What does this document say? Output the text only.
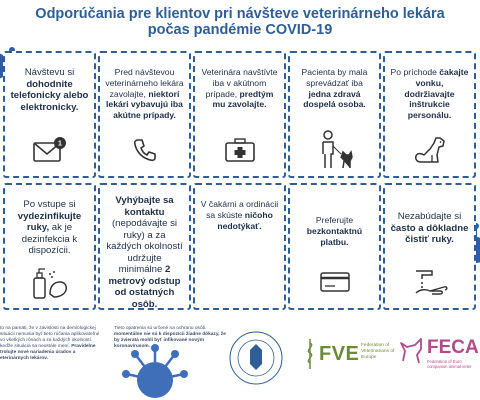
Odporúčania pre klientov pri návšteve veterinárneho lekára
počas pandémie COVID-19
Návštevu si dohodnite telefonicky alebo elektronicky.
1
Pred návštevou veterinárneho lekára zavolajte, niektorí lekári vybavujú iba akútne prípady.
Veterinára navštívte iba v akútnom prípade, predtým mu zavolajte.
Pacienta by mala sprevádzať iba jedna zdravá dospelá osoba.
Po príchode čakajte vonku, dodržiavajte inštrukcie personálu.
Po vstupe si vydezinfikujte ruky, ak je dezinfekcia k dispozícii.
Vyhýbajte sa kontaktu (nepodávajte si ruky) a za každých okolností udržujte minimálne 2 metrový odstup od ostatných osôb.
V čakárni a ordinácii sa skúste ničoho nedotýkať.
Preferujte bezkontaktnú platbu.
Nezabúdajte si často a dôkladne čistiť ruky.
to na pamäti, že v závislosti na demiologickej situácii nemusia byť tieto rúčania aplikovateľné vo všetkých rônach a za každých okolností. keďže situácia sa neustále mení. Pravidelne trolujte nové nariadenia úradov a eterinárnych lekárov.
Tieto opatrenia sú určené na ochranu osôb, momentálne nie sú k dispozícii žiadne dôkazy, že by zvieratá mohli byť infikované novým koronavírusom.	FVE Federation of Veterinarians of Europe	FECA
Federation of Euro companion animal veter
